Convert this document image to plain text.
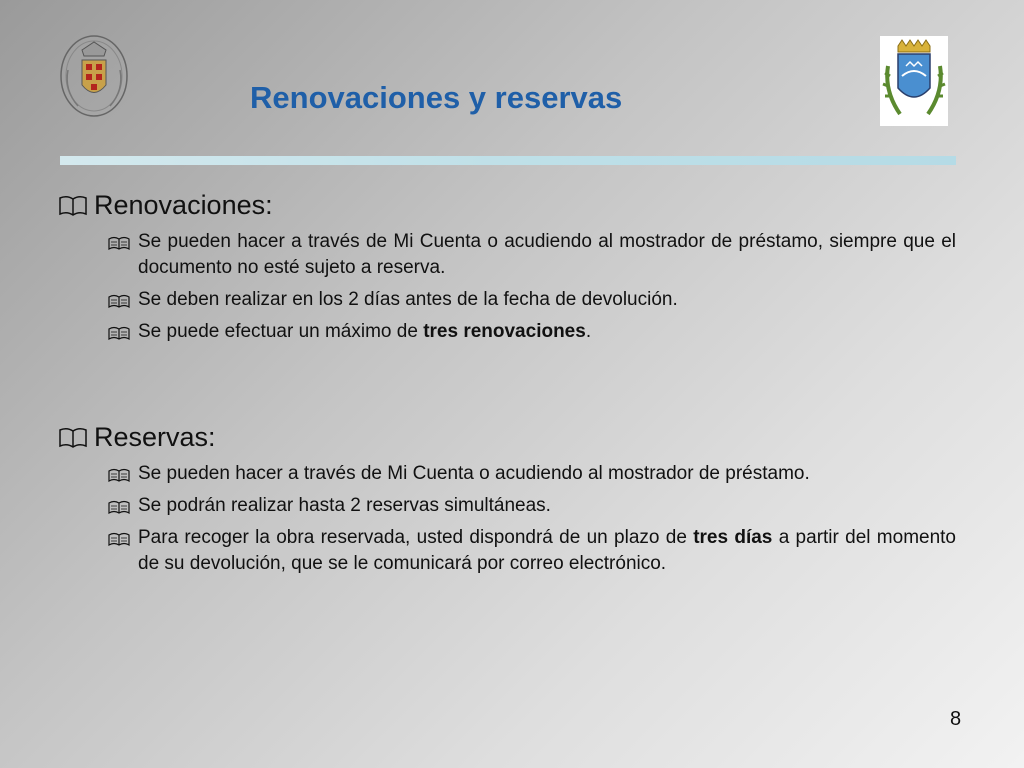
Renovaciones y reservas
Renovaciones:
Se pueden hacer a través de Mi Cuenta o acudiendo al mostrador de préstamo, siempre que el documento no esté sujeto a reserva.
Se deben realizar en los 2 días antes de la fecha de devolución.
Se puede efectuar un máximo de tres renovaciones.
Reservas:
Se pueden hacer a través de Mi Cuenta o acudiendo al mostrador de préstamo.
Se podrán realizar hasta 2 reservas simultáneas.
Para recoger la obra reservada, usted dispondrá de un plazo de tres días a partir del momento de su devolución, que se le comunicará por correo electrónico.
8
